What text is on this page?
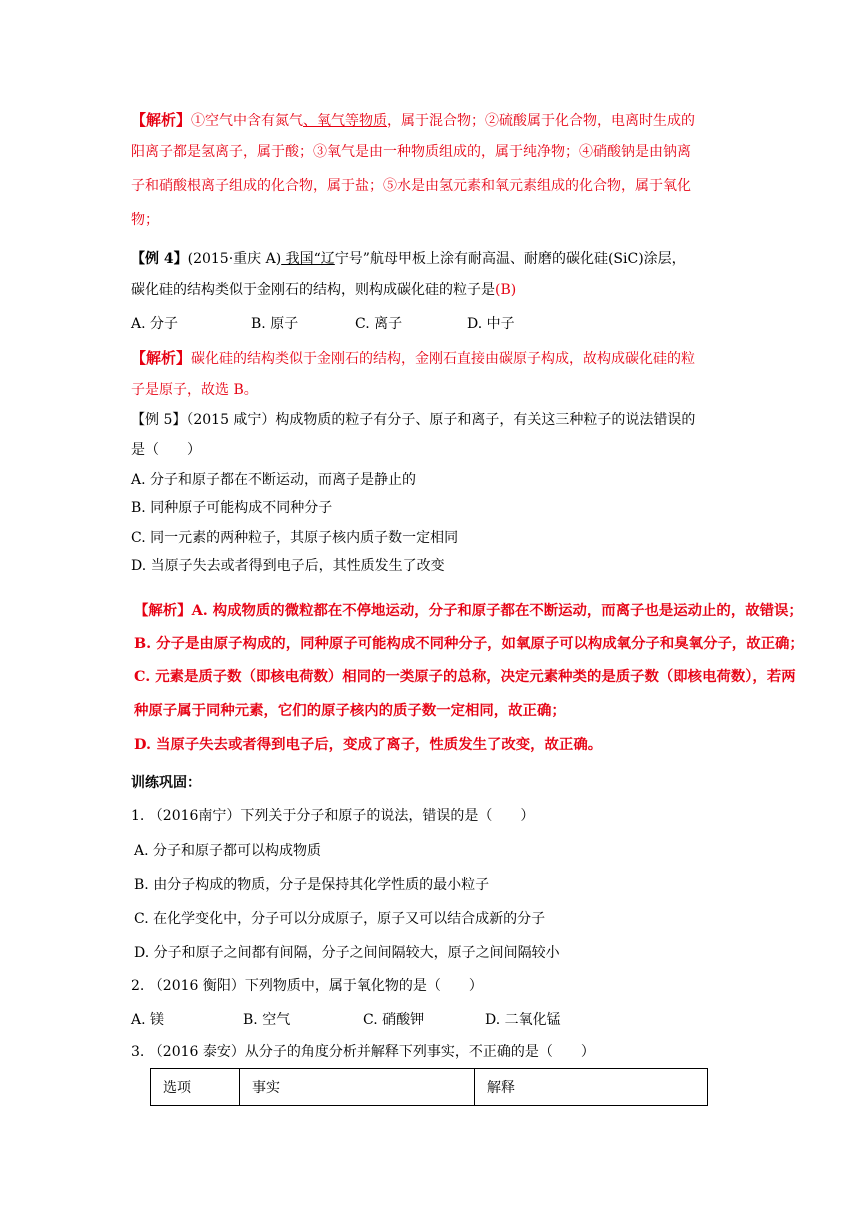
【解析】①空气中含有氮气、氧气等物质，属于混合物；②硫酸属于化合物，电离时生成的
阳离子都是氢离子，属于酸；③氧气是由一种物质组成的，属于纯净物；④硝酸钠是由钠离
子和硝酸根离子组成的化合物，属于盐；⑤水是由氢元素和氧元素组成的化合物，属于氧化
物；
【例 4】(2015·重庆 A) 我国“辽宁号”航母甲板上涂有耐高温、耐磨的碳化硅(SiC)涂层，
碳化硅的结构类似于金刚石的结构，则构成碳化硅的粒子是(B)
A. 分子	B. 原子	C. 离子	D. 中子
【解析】碳化硅的结构类似于金刚石的结构，金刚石直接由碳原子构成，故构成碳化硅的粒
子是原子，故选 B。
【例 5】（2015 咸宁）构成物质的粒子有分子、原子和离子，有关这三种粒子的说法错误的
是（　　）
A. 分子和原子都在不断运动，而离子是静止的
B. 同种原子可能构成不同种分子
C. 同一元素的两种粒子，其原子核内质子数一定相同
D. 当原子失去或者得到电子后，其性质发生了改变
【解析】A. 构成物质的微粒都在不停地运动，分子和原子都在不断运动，而离子也是运动止的，故错误；
B. 分子是由原子构成的，同种原子可能构成不同种分子，如氧原子可以构成氧分子和臭氧分子，故正确；
C. 元素是质子数（即核电荷数）相同的一类原子的总称，决定元素种类的是质子数（即核电荷数），若两
种原子属于同种元素，它们的原子核内的质子数一定相同，故正确；
D. 当原子失去或者得到电子后，变成了离子，性质发生了改变，故正确。
训练巩固：
1. （2016南宁）下列关于分子和原子的说法，错误的是（　　）
A. 分子和原子都可以构成物质
B. 由分子构成的物质，分子是保持其化学性质的最小粒子
C. 在化学变化中，分子可以分成原子，原子又可以结合成新的分子
D. 分子和原子之间都有间隔，分子之间间隔较大，原子之间间隔较小
2. （2016 衡阳）下列物质中，属于氧化物的是（　　）
A. 镁	B. 空气	C. 硝酸钾	D. 二氧化锰
3. （2016 泰安）从分子的角度分析并解释下列事实，不正确的是（　　）
选项	事实	解释
